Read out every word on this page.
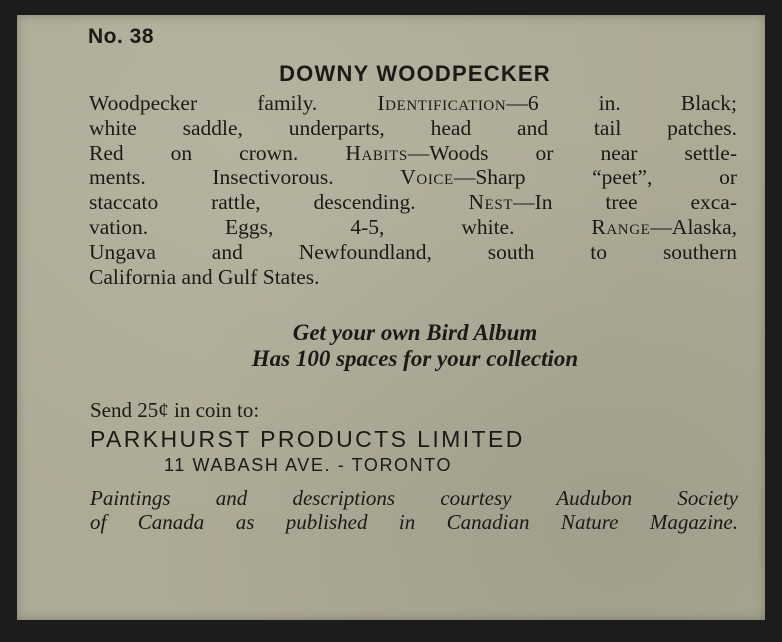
No. 38
DOWNY WOODPECKER
Woodpecker family. Identification—6 in. Black;
white saddle, underparts, head and tail patches.
Red on crown. Habits—Woods or near settle-
ments. Insectivorous. Voice—Sharp “peet”, or
staccato rattle, descending. Nest—In tree exca-
vation. Eggs, 4-5, white. Range—Alaska,
Ungava and Newfoundland, south to southern
California and Gulf States.
Get your own Bird Album
Has 100 spaces for your collection
Send 25¢ in coin to:
PARKHURST PRODUCTS LIMITED
11 WABASH AVE. - TORONTO
Paintings and descriptions courtesy Audubon Society
of Canada as published in Canadian Nature Magazine.
